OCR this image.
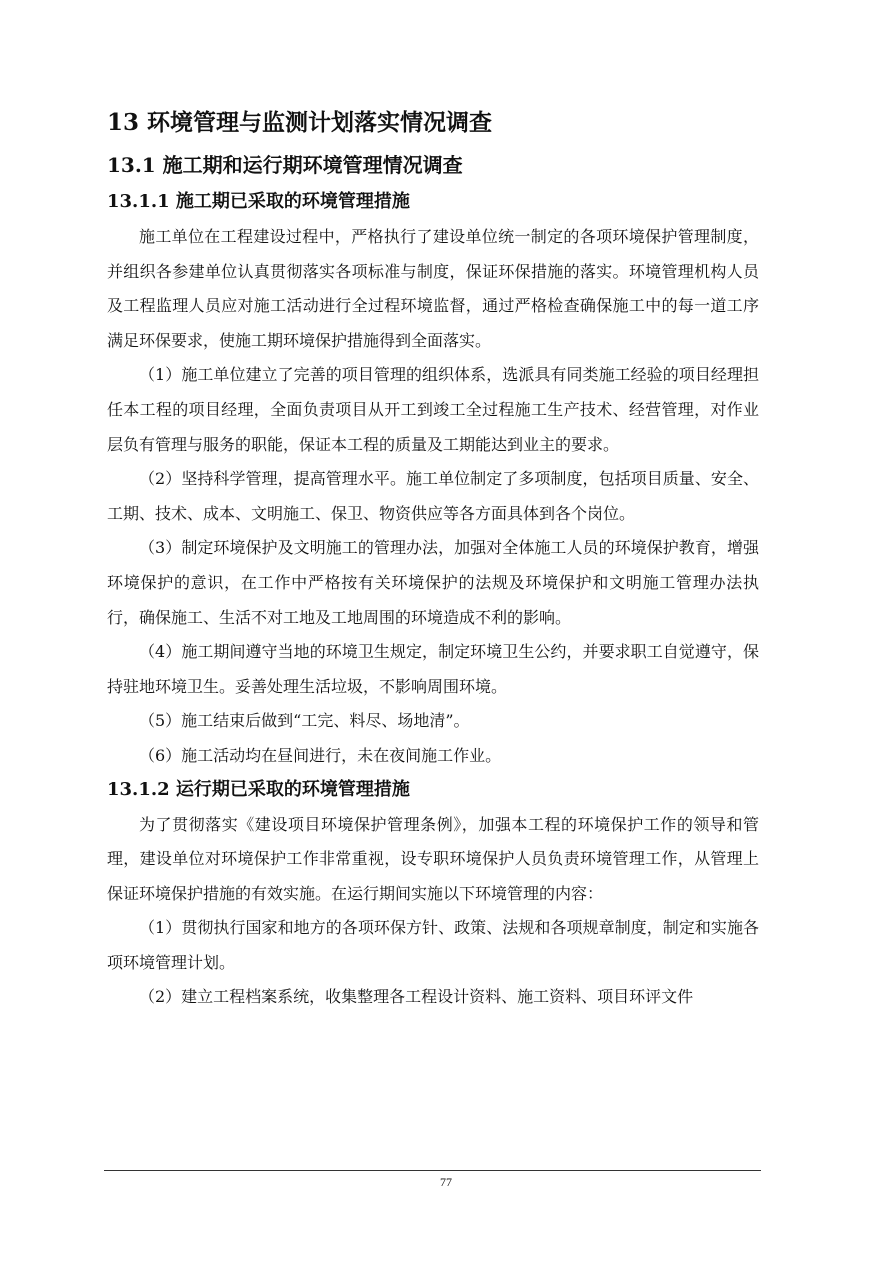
13 环境管理与监测计划落实情况调查
13.1 施工期和运行期环境管理情况调查
13.1.1 施工期已采取的环境管理措施

施工单位在工程建设过程中，严格执行了建设单位统一制定的各项环境保护管理制度，并组织各参建单位认真贯彻落实各项标准与制度，保证环保措施的落实。环境管理机构人员及工程监理人员应对施工活动进行全过程环境监督，通过严格检查确保施工中的每一道工序满足环保要求，使施工期环境保护措施得到全面落实。

（1）施工单位建立了完善的项目管理的组织体系，选派具有同类施工经验的项目经理担任本工程的项目经理，全面负责项目从开工到竣工全过程施工生产技术、经营管理，对作业层负有管理与服务的职能，保证本工程的质量及工期能达到业主的要求。

（2）坚持科学管理，提高管理水平。施工单位制定了多项制度，包括项目质量、安全、工期、技术、成本、文明施工、保卫、物资供应等各方面具体到各个岗位。

（3）制定环境保护及文明施工的管理办法，加强对全体施工人员的环境保护教育，增强环境保护的意识，在工作中严格按有关环境保护的法规及环境保护和文明施工管理办法执行，确保施工、生活不对工地及工地周围的环境造成不利的影响。

（4）施工期间遵守当地的环境卫生规定，制定环境卫生公约，并要求职工自觉遵守，保持驻地环境卫生。妥善处理生活垃圾，不影响周围环境。

（5）施工结束后做到“工完、料尽、场地清”。

（6）施工活动均在昼间进行，未在夜间施工作业。

13.1.2 运行期已采取的环境管理措施

为了贯彻落实《建设项目环境保护管理条例》，加强本工程的环境保护工作的领导和管理，建设单位对环境保护工作非常重视，设专职环境保护人员负责环境管理工作，从管理上保证环境保护措施的有效实施。在运行期间实施以下环境管理的内容：

（1）贯彻执行国家和地方的各项环保方针、政策、法规和各项规章制度，制定和实施各项环境管理计划。

（2）建立工程档案系统，收集整理各工程设计资料、施工资料、项目环评文件

77
